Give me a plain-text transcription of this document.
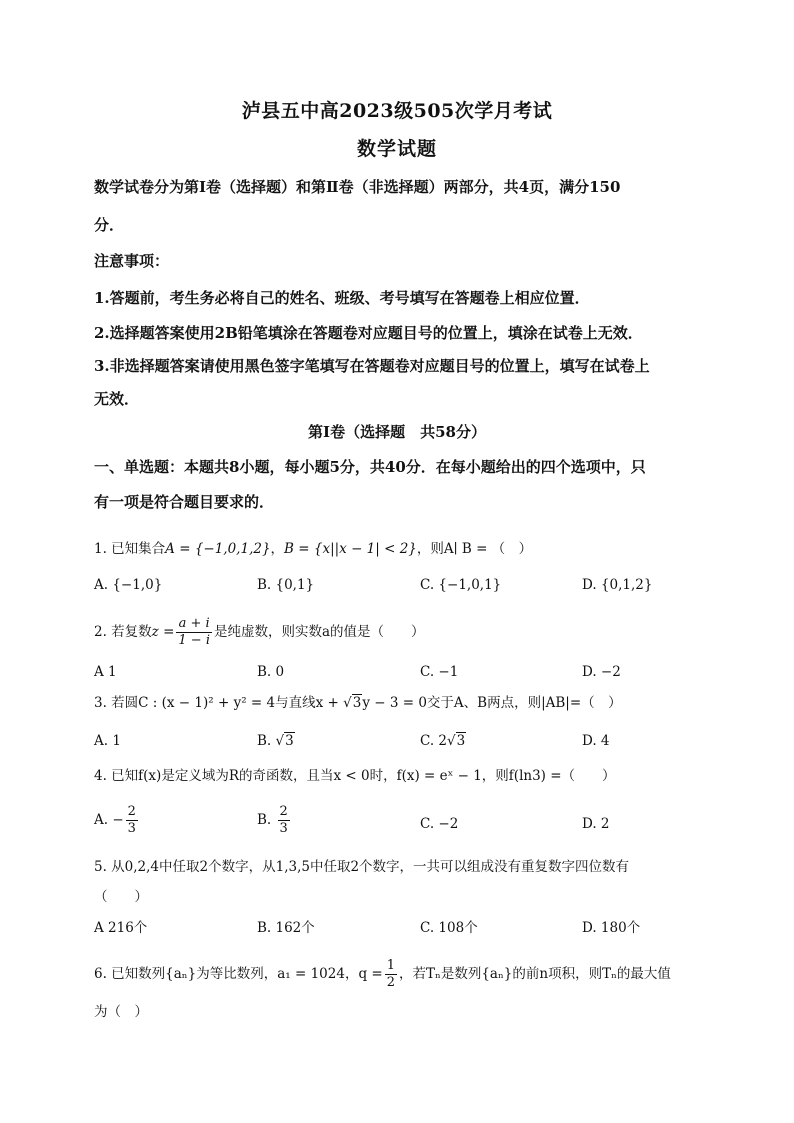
泸县五中高2023级505次学月考试
数学试题
数学试卷分为第Ⅰ卷（选择题）和第Ⅱ卷（非选择题）两部分，共4页，满分150
分．
注意事项：
1.答题前，考生务必将自己的姓名、班级、考号填写在答题卷上相应位置．
2.选择题答案使用2B铅笔填涂在答题卷对应题目号的位置上，填涂在试卷上无效．
3.非选择题答案请使用黑色签字笔填写在答题卷对应题目号的位置上，填写在试卷上
无效．
第Ⅰ卷（选择题　共58分）
一、单选题：本题共8小题，每小题5分，共40分．在每小题给出的四个选项中，只
有一项是符合题目要求的．
1. 已知集合A = {−1,0,1,2}，B = {x||x − 1| < 2}，则A∣ B = （　）
A. {−1,0}	B. {0,1}	C. {−1,0,1}	D. {0,1,2}
2. 若复数$z = \frac{a + i}{1 - i}$ 是纯虚数，则实数a的值是（　　）
A 1	B. 0	C. −1	D. −2
3. 若圆C : (x − 1)² + y² = 4与直线x + √3y − 3 = 0交于A、B两点，则|AB|=（　）
A. 1	B. √3	C. 2√3	D. 4
4. 已知f(x)是定义域为R的奇函数，且当x < 0时，f(x) = eˣ − 1，则f(ln3) =（　　）
A. − $\frac{2}{3}$	B. $\frac{2}{3}$	C. −2	D. 2
5. 从0,2,4中任取2个数字，从1,3,5中任取2个数字，一共可以组成没有重复数字四位数有
（　　）
A 216个	B. 162个	C. 108个	D. 180个
6. 已知数列{aₙ}为等比数列，a₁ = 1024，$q = \frac{1}{2}$ ，若Tₙ是数列{aₙ}的前n项积，则Tₙ的最大值
为（　）
